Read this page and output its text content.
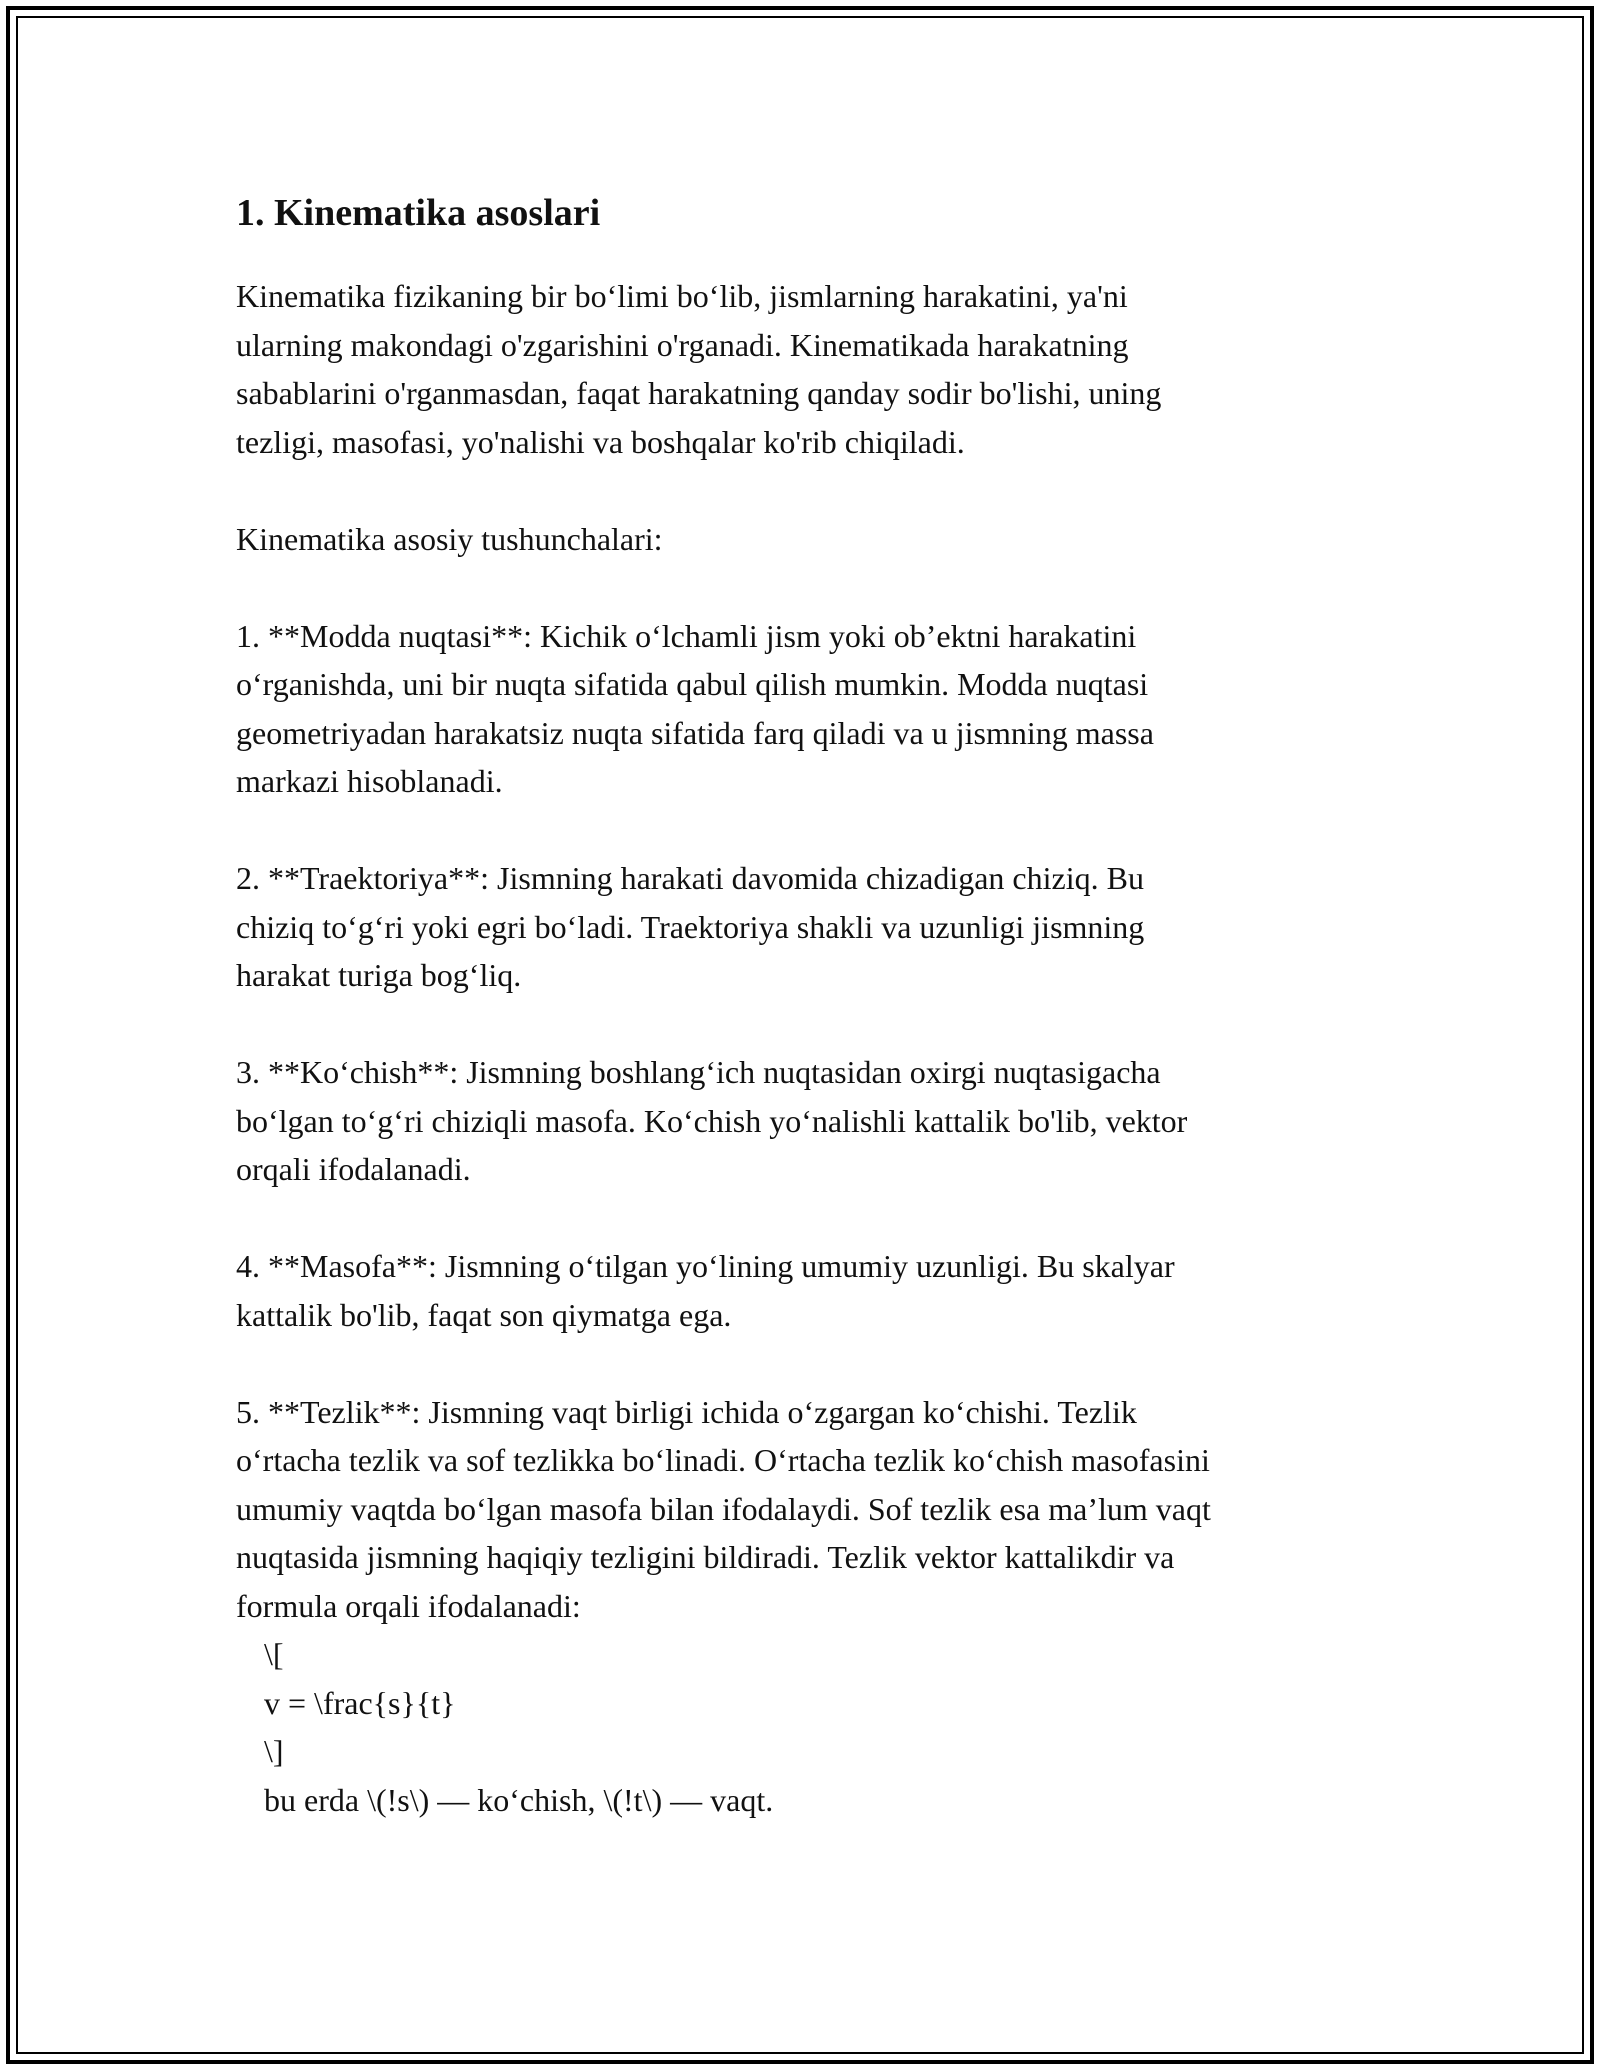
1. Kinematika asoslari

Kinematika fizikaning bir bo‘limi bo‘lib, jismlarning harakatini, ya'ni
ularning makondagi o'zgarishini o'rganadi. Kinematikada harakatning
sabablarini o'rganmasdan, faqat harakatning qanday sodir bo'lishi, uning
tezligi, masofasi, yo'nalishi va boshqalar ko'rib chiqiladi.

Kinematika asosiy tushunchalari:

1. **Modda nuqtasi**: Kichik o‘lchamli jism yoki ob’ektni harakatini
o‘rganishda, uni bir nuqta sifatida qabul qilish mumkin. Modda nuqtasi
geometriyadan harakatsiz nuqta sifatida farq qiladi va u jismning massa
markazi hisoblanadi.

2. **Traektoriya**: Jismning harakati davomida chizadigan chiziq. Bu
chiziq to‘g‘ri yoki egri bo‘ladi. Traektoriya shakli va uzunligi jismning
harakat turiga bog‘liq.

3. **Ko‘chish**: Jismning boshlang‘ich nuqtasidan oxirgi nuqtasigacha
bo‘lgan to‘g‘ri chiziqli masofa. Ko‘chish yo‘nalishli kattalik bo'lib, vektor
orqali ifodalanadi.

4. **Masofa**: Jismning o‘tilgan yo‘lining umumiy uzunligi. Bu skalyar
kattalik bo'lib, faqat son qiymatga ega.

5. **Tezlik**: Jismning vaqt birligi ichida o‘zgargan ko‘chishi. Tezlik
o‘rtacha tezlik va sof tezlikka bo‘linadi. O‘rtacha tezlik ko‘chish masofasini
umumiy vaqtda bo‘lgan masofa bilan ifodalaydi. Sof tezlik esa ma’lum vaqt
nuqtasida jismning haqiqiy tezligini bildiradi. Tezlik vektor kattalikdir va
formula orqali ifodalanadi:

\[

v = \frac{s}{t}

\]

bu erda \(!s\) — ko‘chish, \(!t\) — vaqt.
